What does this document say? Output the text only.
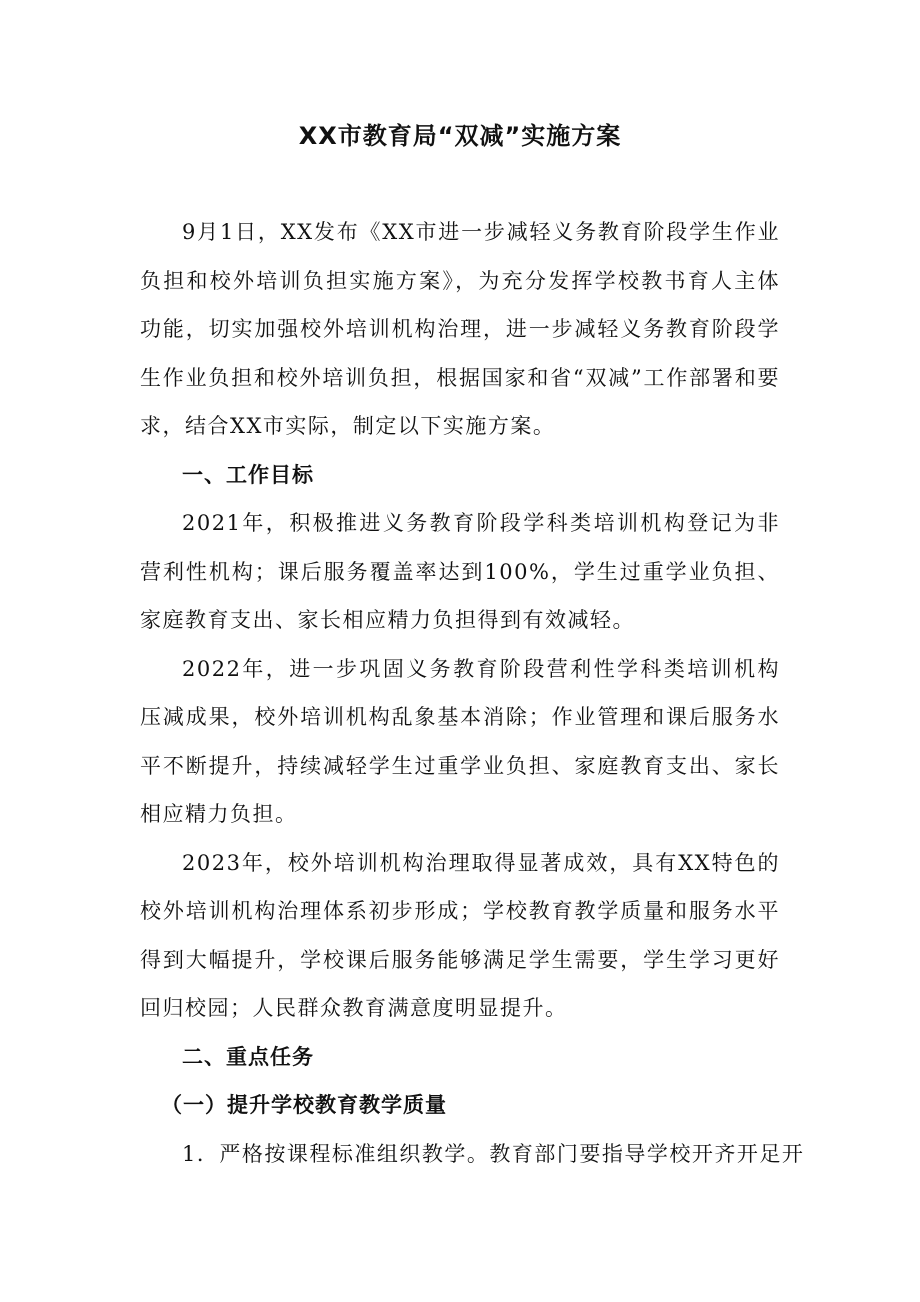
XX市教育局“双减”实施方案

9月1日，XX发布《XX市进一步减轻义务教育阶段学生作业负担和校外培训负担实施方案》，为充分发挥学校教书育人主体功能，切实加强校外培训机构治理，进一步减轻义务教育阶段学生作业负担和校外培训负担，根据国家和省“双减”工作部署和要求，结合XX市实际，制定以下实施方案。

一、工作目标

2021年，积极推进义务教育阶段学科类培训机构登记为非营利性机构；课后服务覆盖率达到100%，学生过重学业负担、家庭教育支出、家长相应精力负担得到有效减轻。

2022年，进一步巩固义务教育阶段营利性学科类培训机构压减成果，校外培训机构乱象基本消除；作业管理和课后服务水平不断提升，持续减轻学生过重学业负担、家庭教育支出、家长相应精力负担。

2023年，校外培训机构治理取得显著成效，具有XX特色的校外培训机构治理体系初步形成；学校教育教学质量和服务水平得到大幅提升，学校课后服务能够满足学生需要，学生学习更好回归校园；人民群众教育满意度明显提升。

二、重点任务

（一）提升学校教育教学质量

1．严格按课程标准组织教学。教育部门要指导学校开齐开足开
